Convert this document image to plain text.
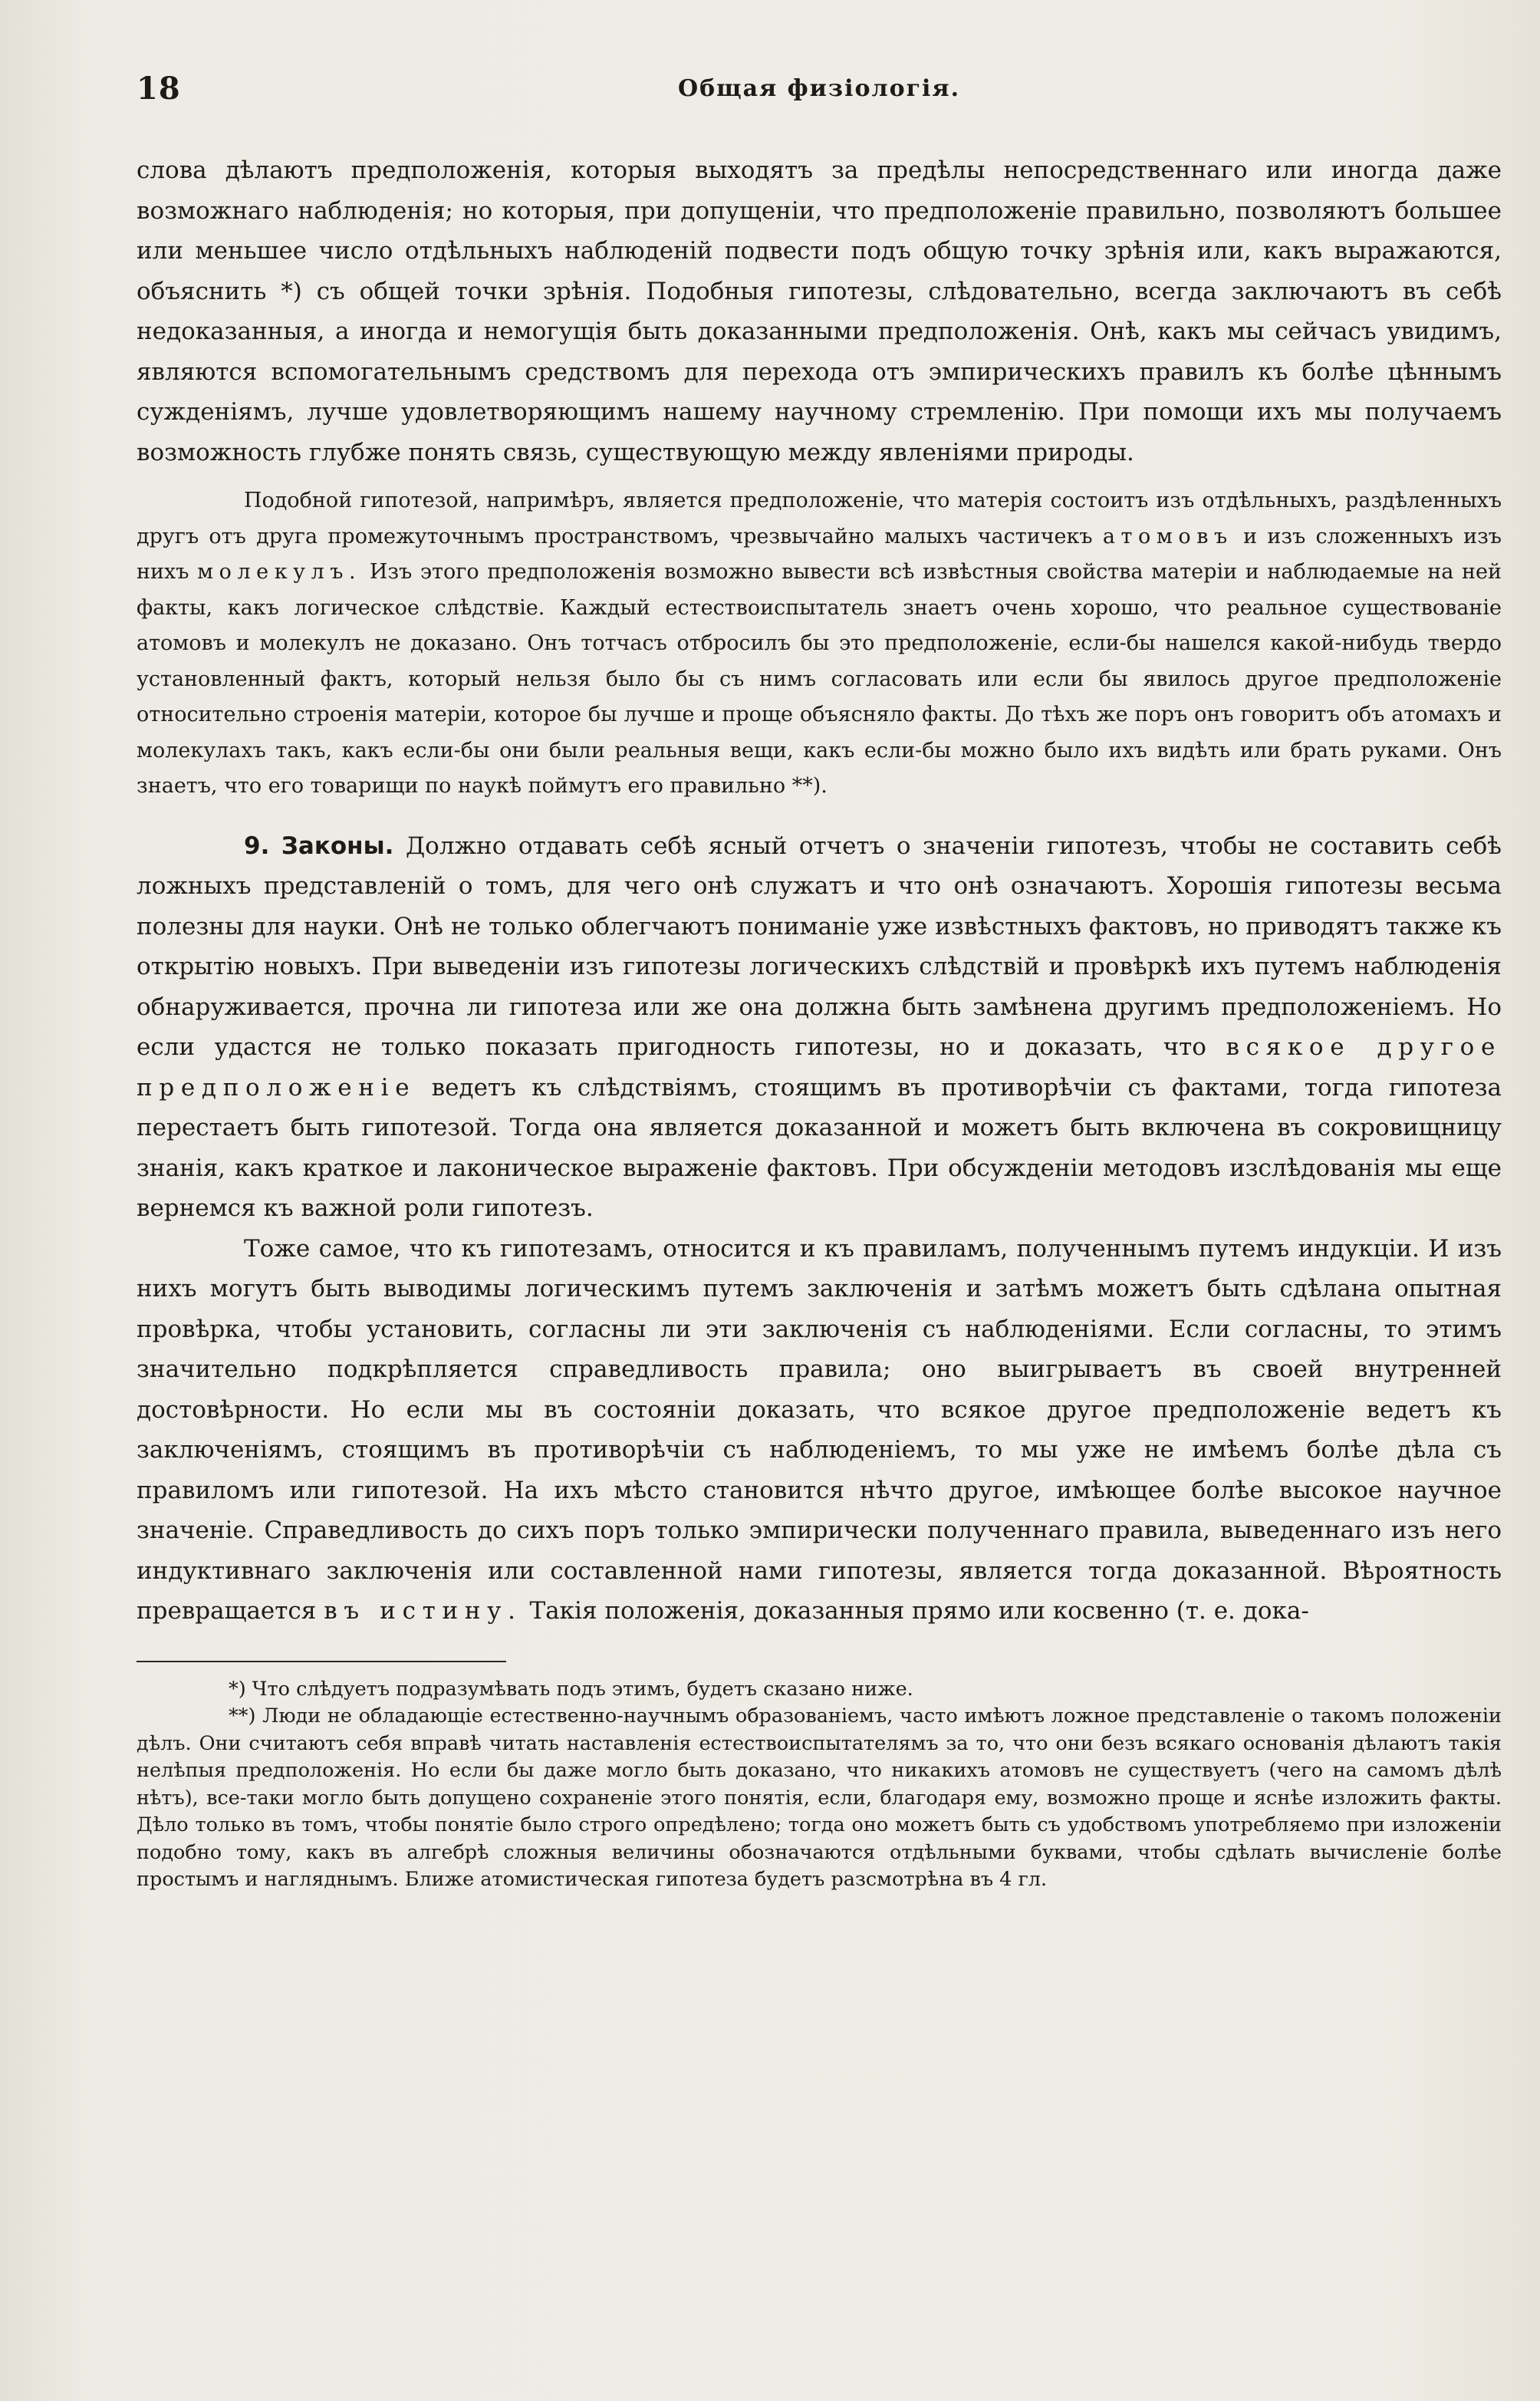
18	Общая физіологія.

слова дѣлаютъ предположенія, которыя выходятъ за предѣлы непосредственнаго или иногда даже возможнаго наблюденія; но которыя, при допущеніи, что предположеніе правильно, позволяютъ большее или меньшее число отдѣльныхъ наблюденій подвести подъ общую точку зрѣнія или, какъ выражаются, объяснить *) съ общей точки зрѣнія. Подобныя гипотезы, слѣдовательно, всегда заключаютъ въ себѣ недоказанныя, а иногда и немогущія быть доказанными предположенія. Онѣ, какъ мы сейчасъ увидимъ, являются вспомогательнымъ средствомъ для перехода отъ эмпирическихъ правилъ къ болѣе цѣннымъ сужденіямъ, лучше удовлетворяющимъ нашему научному стремленію. При помощи ихъ мы получаемъ возможность глубже понять связь, существующую между явленіями природы.

Подобной гипотезой, напримѣръ, является предположеніе, что матерія состоитъ изъ отдѣльныхъ, раздѣленныхъ другъ отъ друга промежуточнымъ пространствомъ, чрезвычайно малыхъ частичекъ атомовъ и изъ сложенныхъ изъ нихъ молекулъ. Изъ этого предположенія возможно вывести всѣ извѣстныя свойства матеріи и наблюдаемые на ней факты, какъ логическое слѣдствіе. Каждый естествоиспытатель знаетъ очень хорошо, что реальное существованіе атомовъ и молекулъ не доказано. Онъ тотчасъ отбросилъ бы это предположеніе, если-бы нашелся какой-нибудь твердо установленный фактъ, который нельзя было бы съ нимъ согласовать или если бы явилось другое предположеніе относительно строенія матеріи, которое бы лучше и проще объясняло факты. До тѣхъ же поръ онъ говоритъ объ атомахъ и молекулахъ такъ, какъ если-бы они были реальныя вещи, какъ если-бы можно было ихъ видѣть или брать руками. Онъ знаетъ, что его товарищи по наукѣ поймутъ его правильно **).

9. Законы. Должно отдавать себѣ ясный отчетъ о значеніи гипотезъ, чтобы не составить себѣ ложныхъ представленій о томъ, для чего онѣ служатъ и что онѣ означаютъ. Хорошія гипотезы весьма полезны для науки. Онѣ не только облегчаютъ пониманіе уже извѣстныхъ фактовъ, но приводятъ также къ открытію новыхъ. При выведеніи изъ гипотезы логическихъ слѣдствій и провѣркѣ ихъ путемъ наблюденія обнаруживается, прочна ли гипотеза или же она должна быть замѣнена другимъ предположеніемъ. Но если удастся не только показать пригодность гипотезы, но и доказать, что всякое другое предположеніе ведетъ къ слѣдствіямъ, стоящимъ въ противорѣчіи съ фактами, тогда гипотеза перестаетъ быть гипотезой. Тогда она является доказанной и можетъ быть включена въ сокровищницу знанія, какъ краткое и лаконическое выраженіе фактовъ. При обсужденіи методовъ изслѣдованія мы еще вернемся къ важной роли гипотезъ.

Тоже самое, что къ гипотезамъ, относится и къ правиламъ, полученнымъ путемъ индукціи. И изъ нихъ могутъ быть выводимы логическимъ путемъ заключенія и затѣмъ можетъ быть сдѣлана опытная провѣрка, чтобы установить, согласны ли эти заключенія съ наблюденіями. Если согласны, то этимъ значительно подкрѣпляется справедливость правила; оно выигрываетъ въ своей внутренней достовѣрности. Но если мы въ состояніи доказать, что всякое другое предположеніе ведетъ къ заключеніямъ, стоящимъ въ противорѣчіи съ наблюденіемъ, то мы уже не имѣемъ болѣе дѣла съ правиломъ или гипотезой. На ихъ мѣсто становится нѣчто другое, имѣющее болѣе высокое научное значеніе. Справедливость до сихъ поръ только эмпирически полученнаго правила, выведеннаго изъ него индуктивнаго заключенія или составленной нами гипотезы, является тогда доказанной. Вѣроятность превращается въ истину. Такія положенія, доказанныя прямо или косвенно (т. е. дока-

*) Что слѣдуетъ подразумѣвать подъ этимъ, будетъ сказано ниже.

**) Люди не обладающіе естественно-научнымъ образованіемъ, часто имѣютъ ложное представленіе о такомъ положеніи дѣлъ. Они считаютъ себя вправѣ читать наставленія естествоиспытателямъ за то, что они безъ всякаго основанія дѣлаютъ такія нелѣпыя предположенія. Но если бы даже могло быть доказано, что никакихъ атомовъ не существуетъ (чего на самомъ дѣлѣ нѣтъ), все-таки могло быть допущено сохраненіе этого понятія, если, благодаря ему, возможно проще и яснѣе изложить факты. Дѣло только въ томъ, чтобы понятіе было строго опредѣлено; тогда оно можетъ быть съ удобствомъ употребляемо при изложеніи подобно тому, какъ въ алгебрѣ сложныя величины обозначаются отдѣльными буквами, чтобы сдѣлать вычисленіе болѣе простымъ и нагляднымъ. Ближе атомистическая гипотеза будетъ разсмотрѣна въ 4 гл.
